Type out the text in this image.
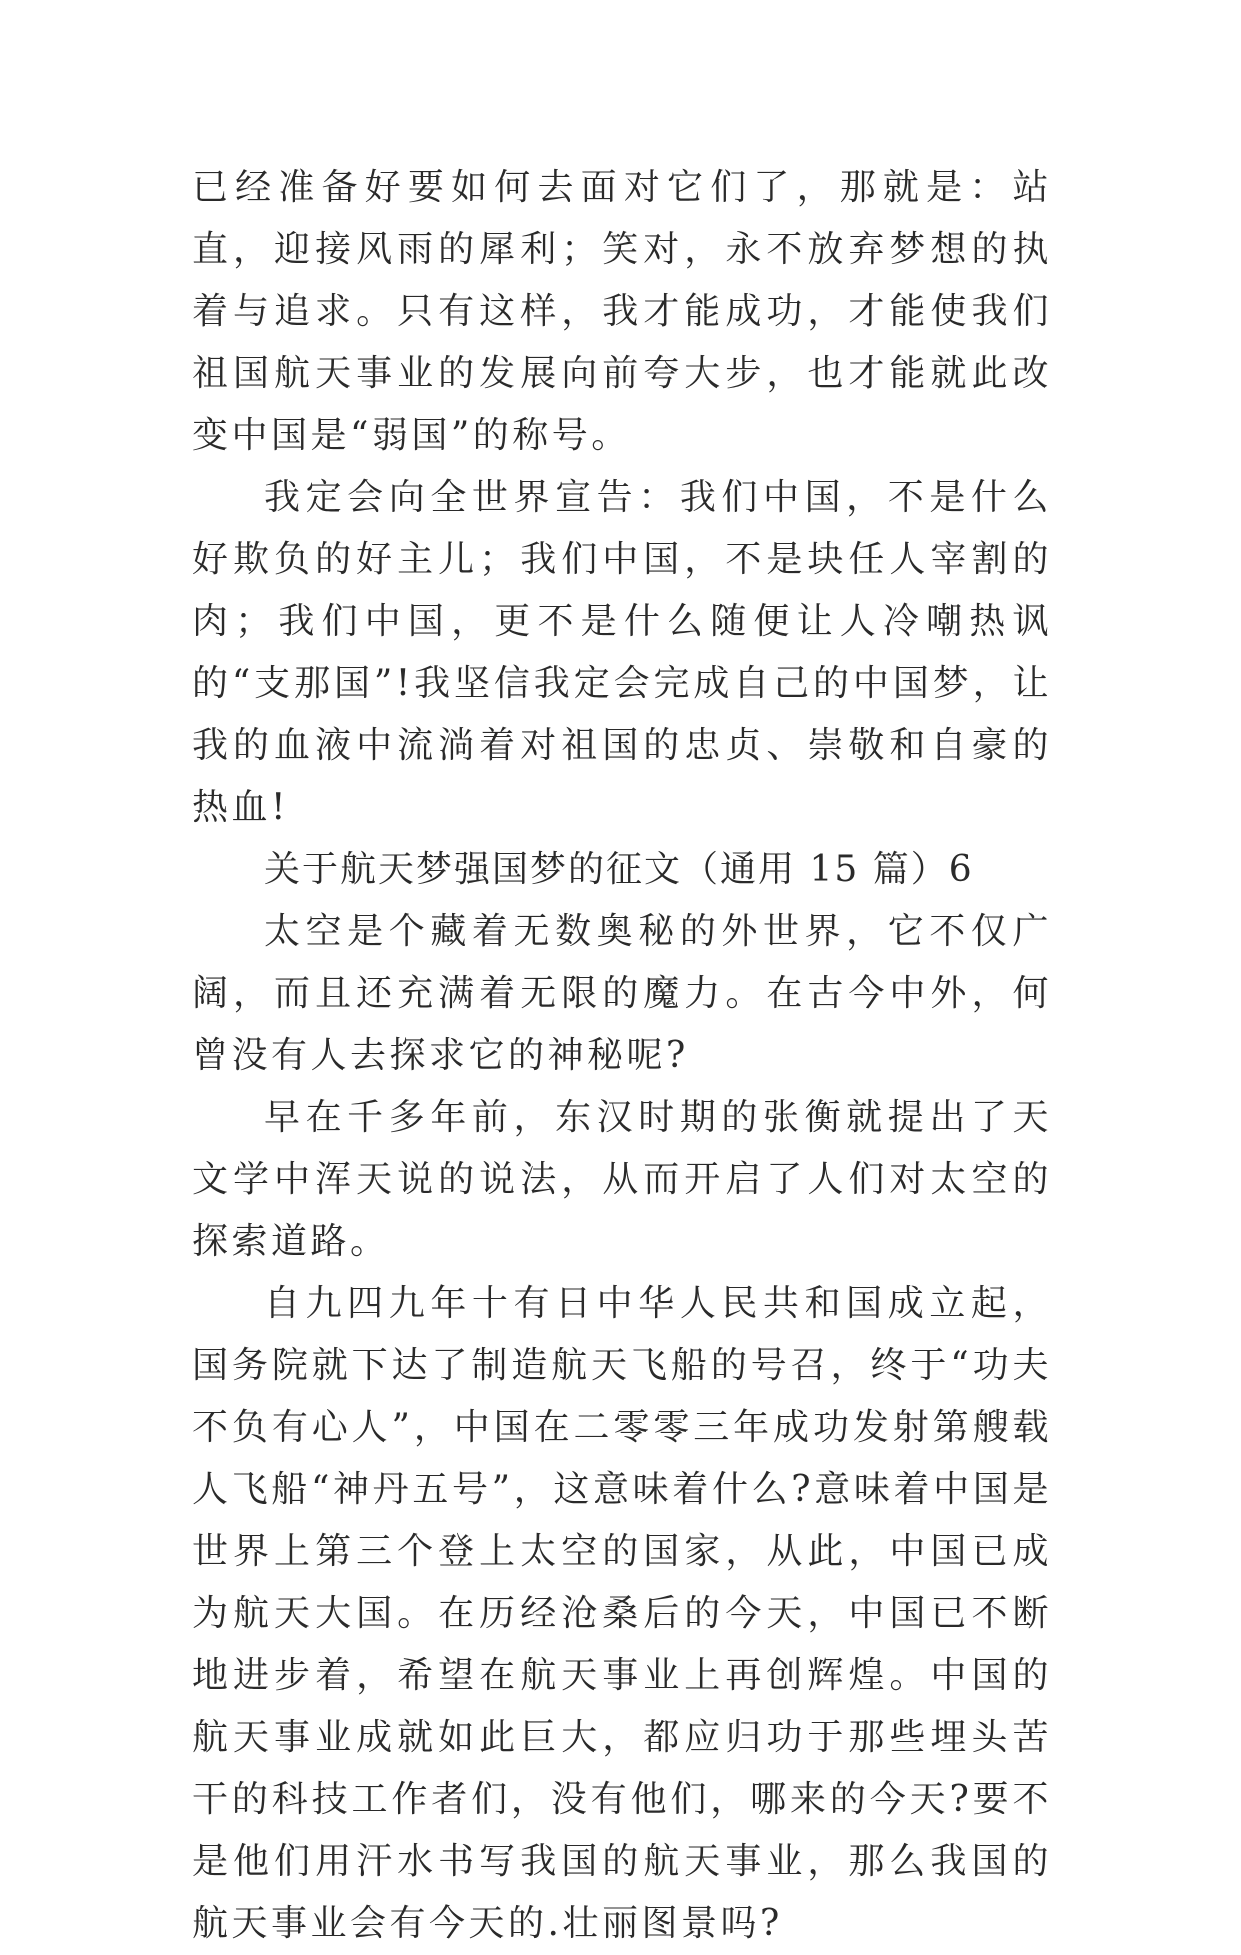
已经准备好要如何去面对它们了，那就是：站直，迎接风雨的犀利；笑对，永不放弃梦想的执着与追求。只有这样，我才能成功，才能使我们祖国航天事业的发展向前夸大步，也才能就此改变中国是“弱国”的称号。

我定会向全世界宣告：我们中国，不是什么好欺负的好主儿；我们中国，不是块任人宰割的肉；我们中国，更不是什么随便让人冷嘲热讽的“支那国”!我坚信我定会完成自己的中国梦，让我的血液中流淌着对祖国的忠贞、崇敬和自豪的热血!

关于航天梦强国梦的征文（通用 15 篇）6

太空是个藏着无数奥秘的外世界，它不仅广阔，而且还充满着无限的魔力。在古今中外，何曾没有人去探求它的神秘呢?

早在千多年前，东汉时期的张衡就提出了天文学中浑天说的说法，从而开启了人们对太空的探索道路。

自九四九年十有日中华人民共和国成立起，国务院就下达了制造航天飞船的号召，终于“功夫不负有心人”，中国在二零零三年成功发射第艘载人飞船“神丹五号”，这意味着什么?意味着中国是世界上第三个登上太空的国家，从此，中国已成为航天大国。在历经沧桑后的今天，中国已不断地进步着，希望在航天事业上再创辉煌。中国的航天事业成就如此巨大，都应归功于那些埋头苦干的科技工作者们，没有他们，哪来的今天?要不是他们用汗水书写我国的航天事业，那么我国的航天事业会有今天的.壮丽图景吗?
